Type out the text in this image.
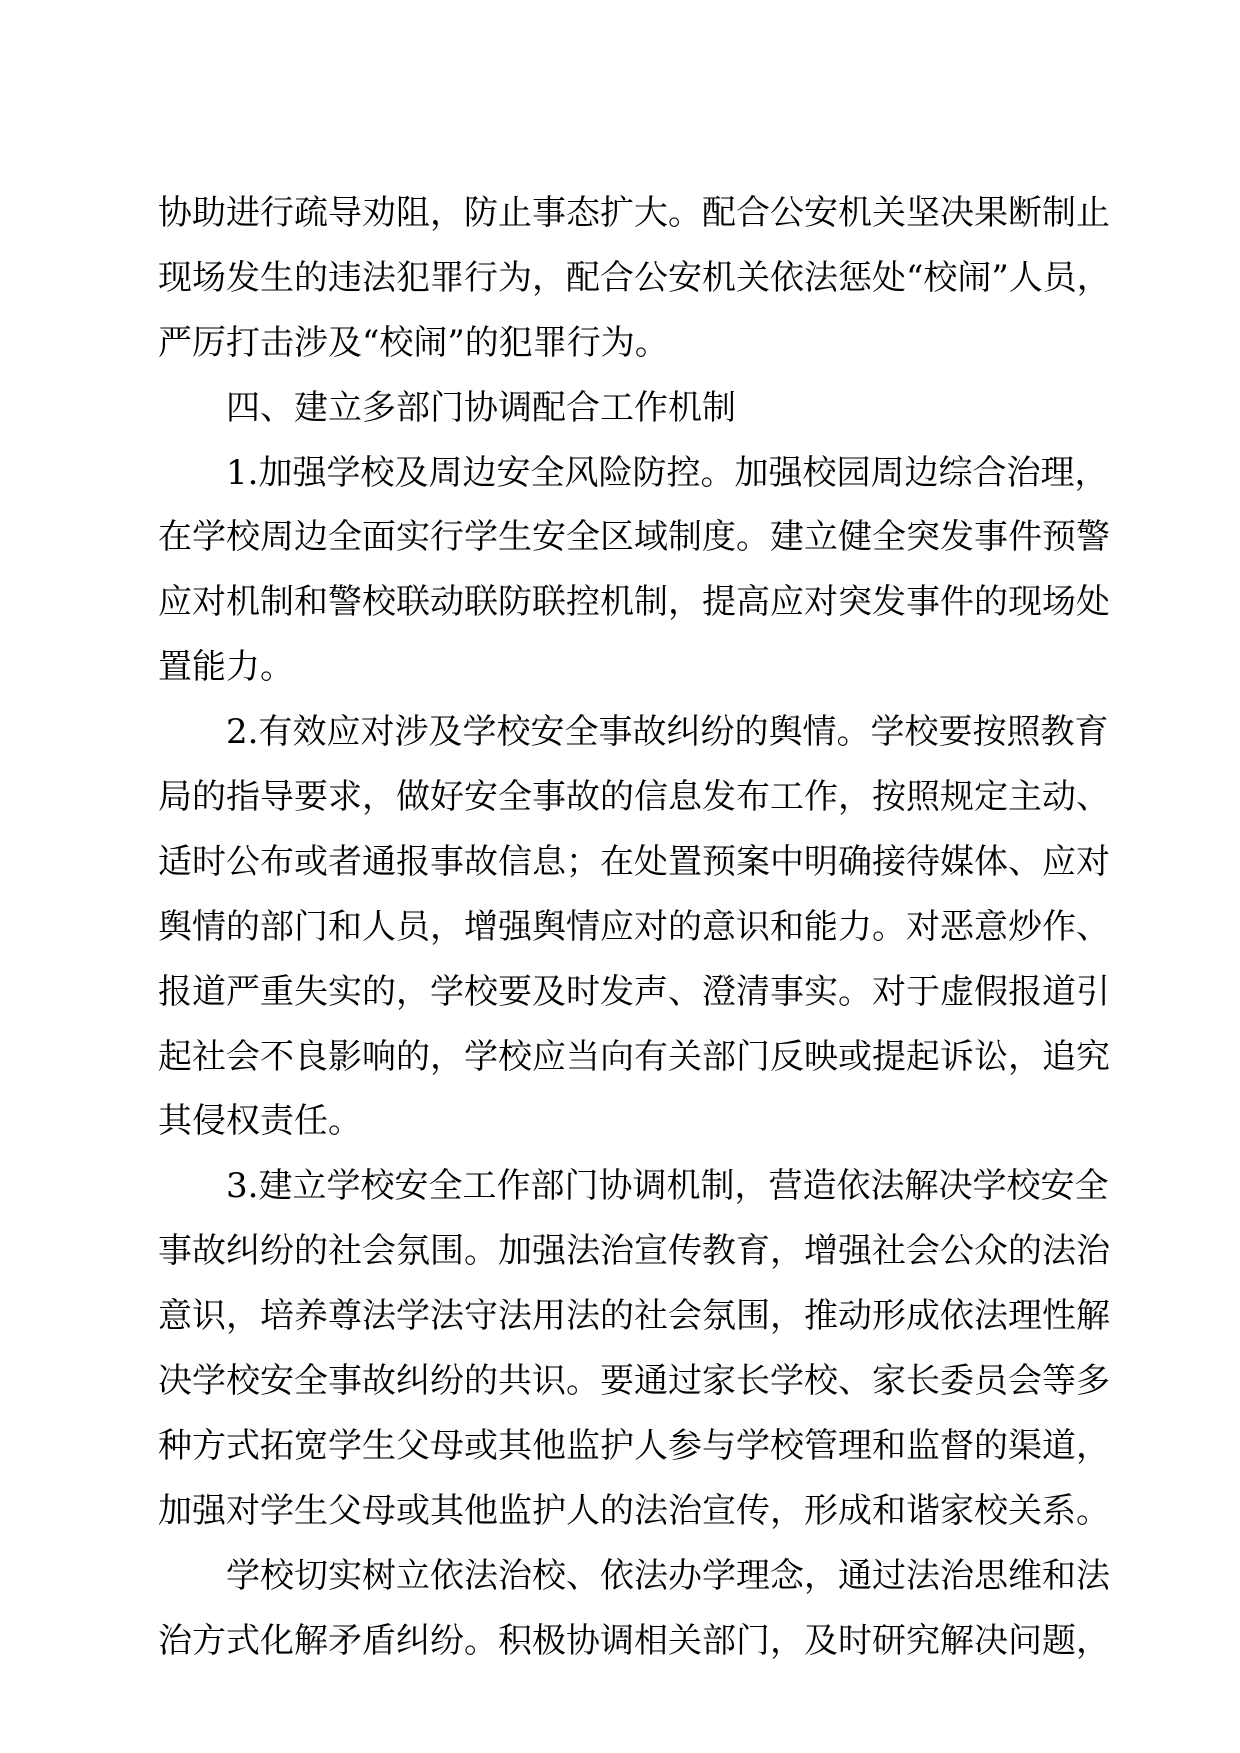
协助进行疏导劝阻，防止事态扩大。配合公安机关坚决果断制止
现场发生的违法犯罪行为，配合公安机关依法惩处“校闹”人员，
严厉打击涉及“校闹”的犯罪行为。
四、建立多部门协调配合工作机制
1.加强学校及周边安全风险防控。加强校园周边综合治理，
在学校周边全面实行学生安全区域制度。建立健全突发事件预警
应对机制和警校联动联防联控机制，提高应对突发事件的现场处
置能力。
2.有效应对涉及学校安全事故纠纷的舆情。学校要按照教育
局的指导要求，做好安全事故的信息发布工作，按照规定主动、
适时公布或者通报事故信息；在处置预案中明确接待媒体、应对
舆情的部门和人员，增强舆情应对的意识和能力。对恶意炒作、
报道严重失实的，学校要及时发声、澄清事实。对于虚假报道引
起社会不良影响的，学校应当向有关部门反映或提起诉讼，追究
其侵权责任。
3.建立学校安全工作部门协调机制，营造依法解决学校安全
事故纠纷的社会氛围。加强法治宣传教育，增强社会公众的法治
意识，培养尊法学法守法用法的社会氛围，推动形成依法理性解
决学校安全事故纠纷的共识。要通过家长学校、家长委员会等多
种方式拓宽学生父母或其他监护人参与学校管理和监督的渠道，
加强对学生父母或其他监护人的法治宣传，形成和谐家校关系。
学校切实树立依法治校、依法办学理念，通过法治思维和法
治方式化解矛盾纠纷。积极协调相关部门，及时研究解决问题，
